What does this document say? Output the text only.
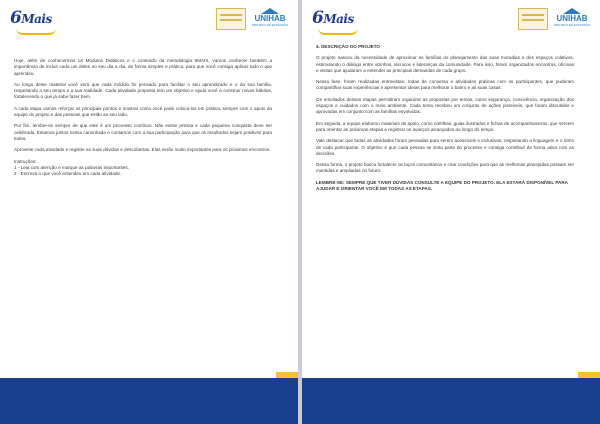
6Mais	UNIHAB
PROJETO DE EXTENSÃO

Hoje, além de conhecermos os Módulos Didáticos e o conteúdo da metodologia 6MAIS, vamos conhecer também a importância de incluir cada um deles no seu dia a dia, de forma simples e prática, para que você consiga aplicar tudo o que aprendeu.

Ao longo deste material você verá que cada módulo foi pensado para facilitar o seu aprendizado e o da sua família, respeitando o seu tempo e a sua realidade. Cada atividade proposta tem um objetivo e ajuda você a construir novos hábitos, fortalecendo o que já sabe fazer bem.

A cada etapa vamos reforçar os principais pontos e mostrar como você pode colocá-los em prática, sempre com o apoio da equipe do projeto e das pessoas que estão ao seu lado.

Por fim, lembre-se sempre de que este é um processo contínuo. Não existe pressa e cada pequena conquista deve ser celebrada. Estamos juntos nessa caminhada e contamos com a sua participação para que os resultados sejam positivos para todos.

Aproveite cada atividade e registre as suas dúvidas e descobertas. Elas serão muito importantes para os próximos encontros.

Instruções:

1 - Leia com atenção e marque as palavras importantes.

2 - Escreva o que você entendeu em cada atividade.

6Mais	UNIHAB
PROJETO DE EXTENSÃO

4. DESCRIÇÃO DO PROJETO

O projeto nasceu da necessidade de aproximar as famílias do planejamento das suas moradias e dos espaços coletivos, estimulando o diálogo entre vizinhos, técnicos e lideranças da comunidade. Para isso, foram organizados encontros, oficinas e visitas que ajudaram a entender as principais demandas de cada grupo.

Nessa fase, foram realizadas entrevistas, rodas de conversa e atividades práticas com os participantes, que puderam compartilhar suas experiências e apresentar ideias para melhorar o bairro e as suas casas.

Os resultados dessas etapas permitiram organizar as propostas por temas, como segurança, convivência, organização dos espaços e cuidados com o meio ambiente. Cada tema recebeu um conjunto de ações possíveis, que foram discutidas e aprovadas em conjunto com as famílias envolvidas.

Em seguida, a equipe elaborou materiais de apoio, como cartilhas, guias ilustrados e fichas de acompanhamento, que servem para orientar as próximas etapas e registrar os avanços alcançados ao longo do tempo.

Vale destacar que todas as atividades foram pensadas para serem acessíveis e inclusivas, respeitando a linguagem e o ritmo de cada participante. O objetivo é que cada pessoa se sinta parte do processo e consiga contribuir de forma ativa com as decisões.

Dessa forma, o projeto busca fortalecer os laços comunitários e criar condições para que as melhorias planejadas possam ser mantidas e ampliadas no futuro.

LEMBRE-SE: SEMPRE QUE TIVER DÚVIDAS CONSULTE A EQUIPE DO PROJETO. ELA ESTARÁ DISPONÍVEL PARA AJUDAR E ORIENTAR VOCÊ EM TODAS AS ETAPAS.
